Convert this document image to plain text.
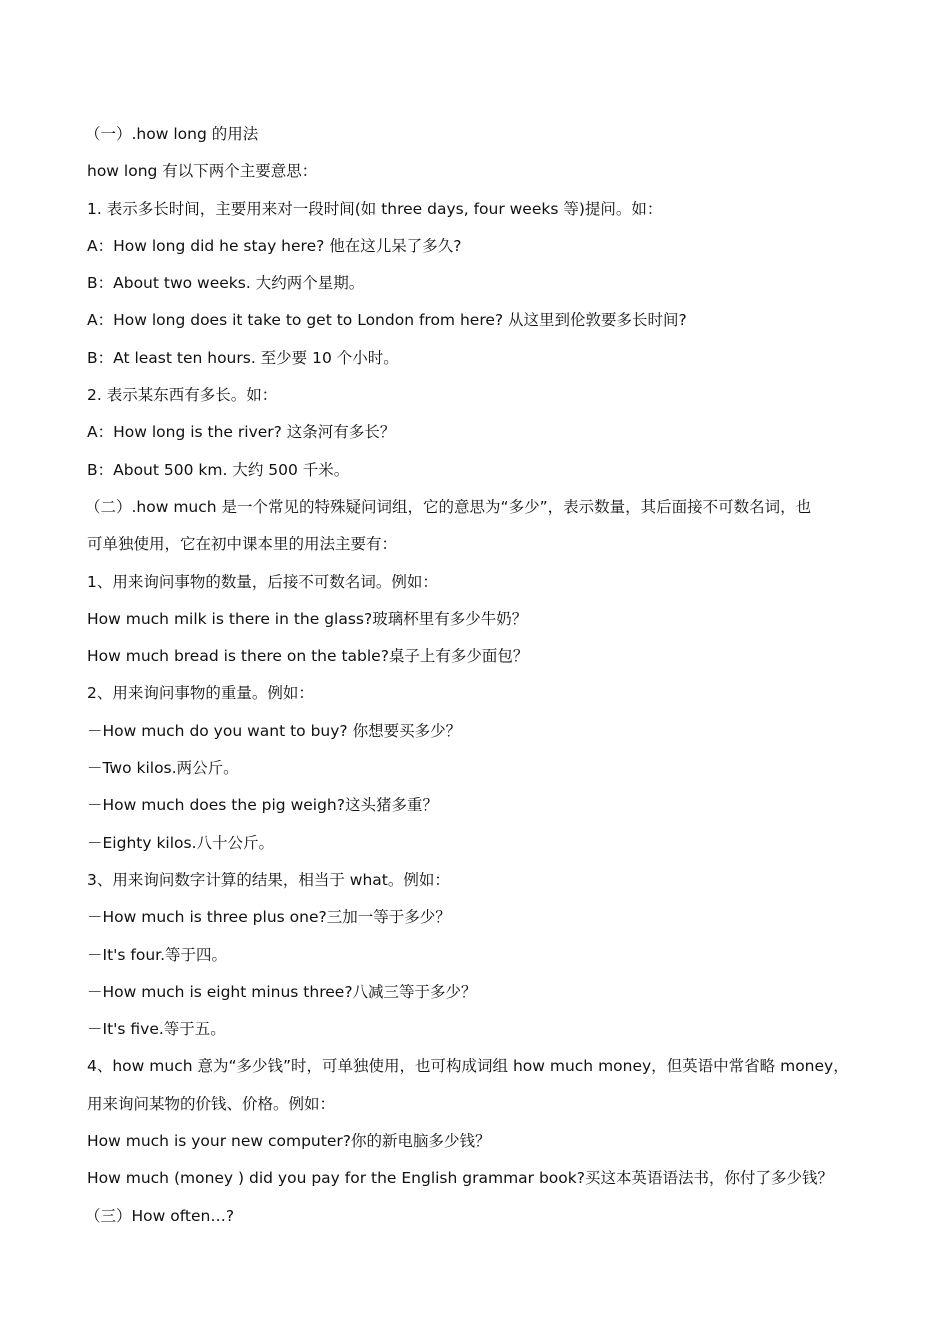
（一）.how long 的用法
how long 有以下两个主要意思：
1. 表示多长时间，主要用来对一段时间(如 three days, four weeks 等)提问。如：
A：How long did he stay here? 他在这儿呆了多久?
B：About two weeks. 大约两个星期。
A：How long does it take to get to London from here? 从这里到伦敦要多长时间?
B：At least ten hours. 至少要 10 个小时。
2. 表示某东西有多长。如：
A：How long is the river? 这条河有多长？
B：About 500 km. 大约 500 千米。
（二）.how much 是一个常见的特殊疑问词组，它的意思为“多少”，表示数量，其后面接不可数名词，也
可单独使用，它在初中课本里的用法主要有：
1、用来询问事物的数量，后接不可数名词。例如：
How much milk is there in the glass?玻璃杯里有多少牛奶？
How much bread is there on the table?桌子上有多少面包？
2、用来询问事物的重量。例如：
－How much do you want to buy? 你想要买多少？
－Two kilos.两公斤。
－How much does the pig weigh?这头猪多重？
－Eighty kilos.八十公斤。
3、用来询问数字计算的结果，相当于 what。例如：
－How much is three plus one?三加一等于多少？
－It's four.等于四。
－How much is eight minus three?八减三等于多少？
－It's five.等于五。
4、how much 意为“多少钱”时，可单独使用，也可构成词组 how much money，但英语中常省略 money，
用来询问某物的价钱、价格。例如：
How much is your new computer?你的新电脑多少钱？
How much (money ) did you pay for the English grammar book?买这本英语语法书，你付了多少钱？
（三）How often…?
